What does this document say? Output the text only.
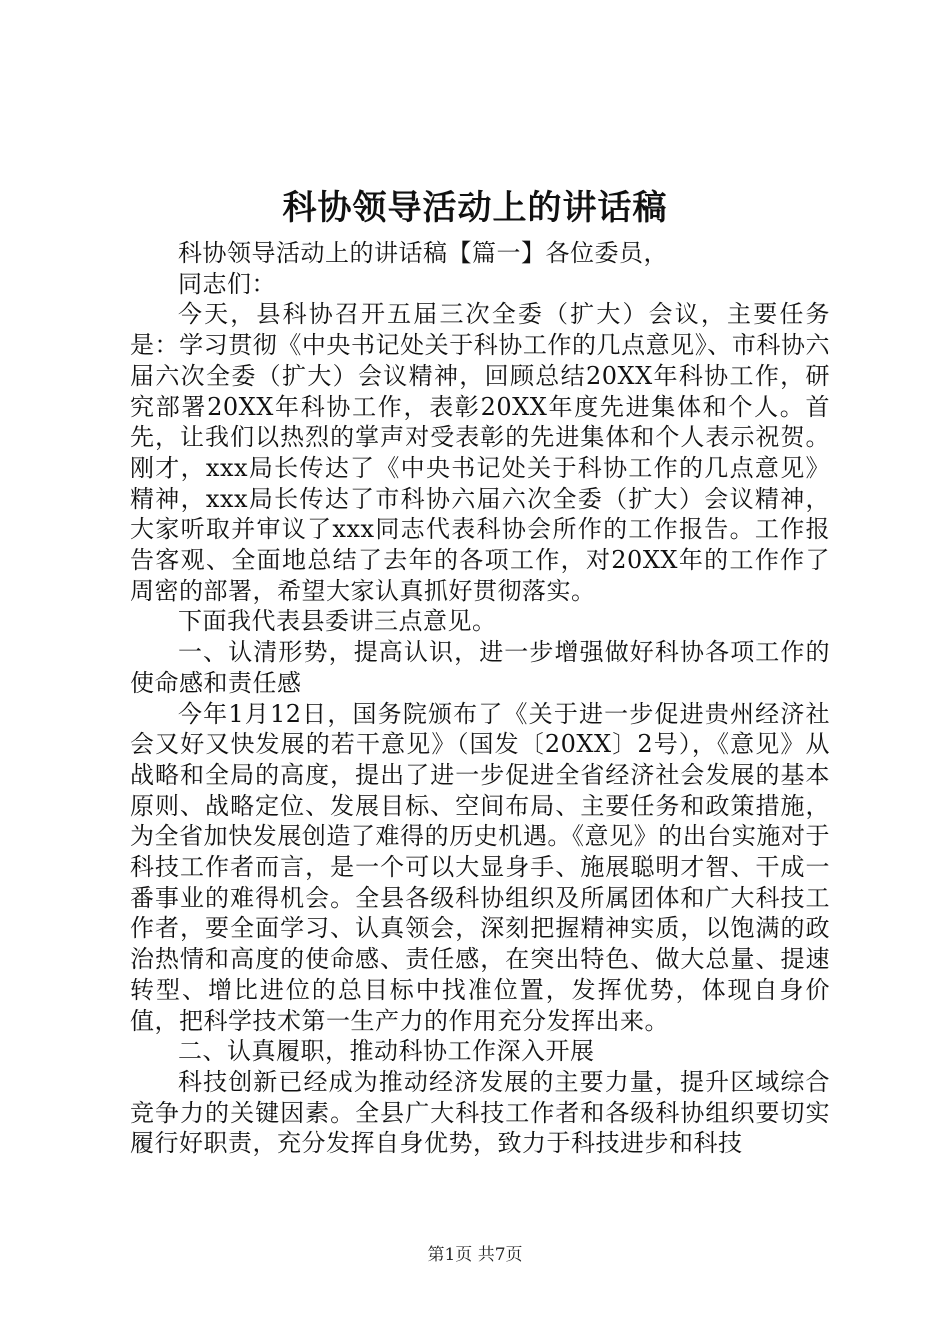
科协领导活动上的讲话稿

科协领导活动上的讲话稿【篇一】各位委员，

同志们：

今天，县科协召开五届三次全委（扩大）会议，主要任务是：学习贯彻《中央书记处关于科协工作的几点意见》、市科协六届六次全委（扩大）会议精神，回顾总结20XX年科协工作，研究部署20XX年科协工作，表彰20XX年度先进集体和个人。首先，让我们以热烈的掌声对受表彰的先进集体和个人表示祝贺。刚才，xxx局长传达了《中央书记处关于科协工作的几点意见》精神，xxx局长传达了市科协六届六次全委（扩大）会议精神，大家听取并审议了xxx同志代表科协会所作的工作报告。工作报告客观、全面地总结了去年的各项工作，对20XX年的工作作了周密的部署，希望大家认真抓好贯彻落实。

下面我代表县委讲三点意见。

一、认清形势，提高认识，进一步增强做好科协各项工作的使命感和责任感

今年1月12日，国务院颁布了《关于进一步促进贵州经济社会又好又快发展的若干意见》（国发〔20XX〕2号），《意见》从战略和全局的高度，提出了进一步促进全省经济社会发展的基本原则、战略定位、发展目标、空间布局、主要任务和政策措施，为全省加快发展创造了难得的历史机遇。《意见》的出台实施对于科技工作者而言，是一个可以大显身手、施展聪明才智、干成一番事业的难得机会。全县各级科协组织及所属团体和广大科技工作者，要全面学习、认真领会，深刻把握精神实质，以饱满的政治热情和高度的使命感、责任感，在突出特色、做大总量、提速转型、增比进位的总目标中找准位置，发挥优势，体现自身价值，把科学技术第一生产力的作用充分发挥出来。

二、认真履职，推动科协工作深入开展

科技创新已经成为推动经济发展的主要力量，提升区域综合竞争力的关键因素。全县广大科技工作者和各级科协组织要切实履行好职责，充分发挥自身优势，致力于科技进步和科技

第1页 共7页
